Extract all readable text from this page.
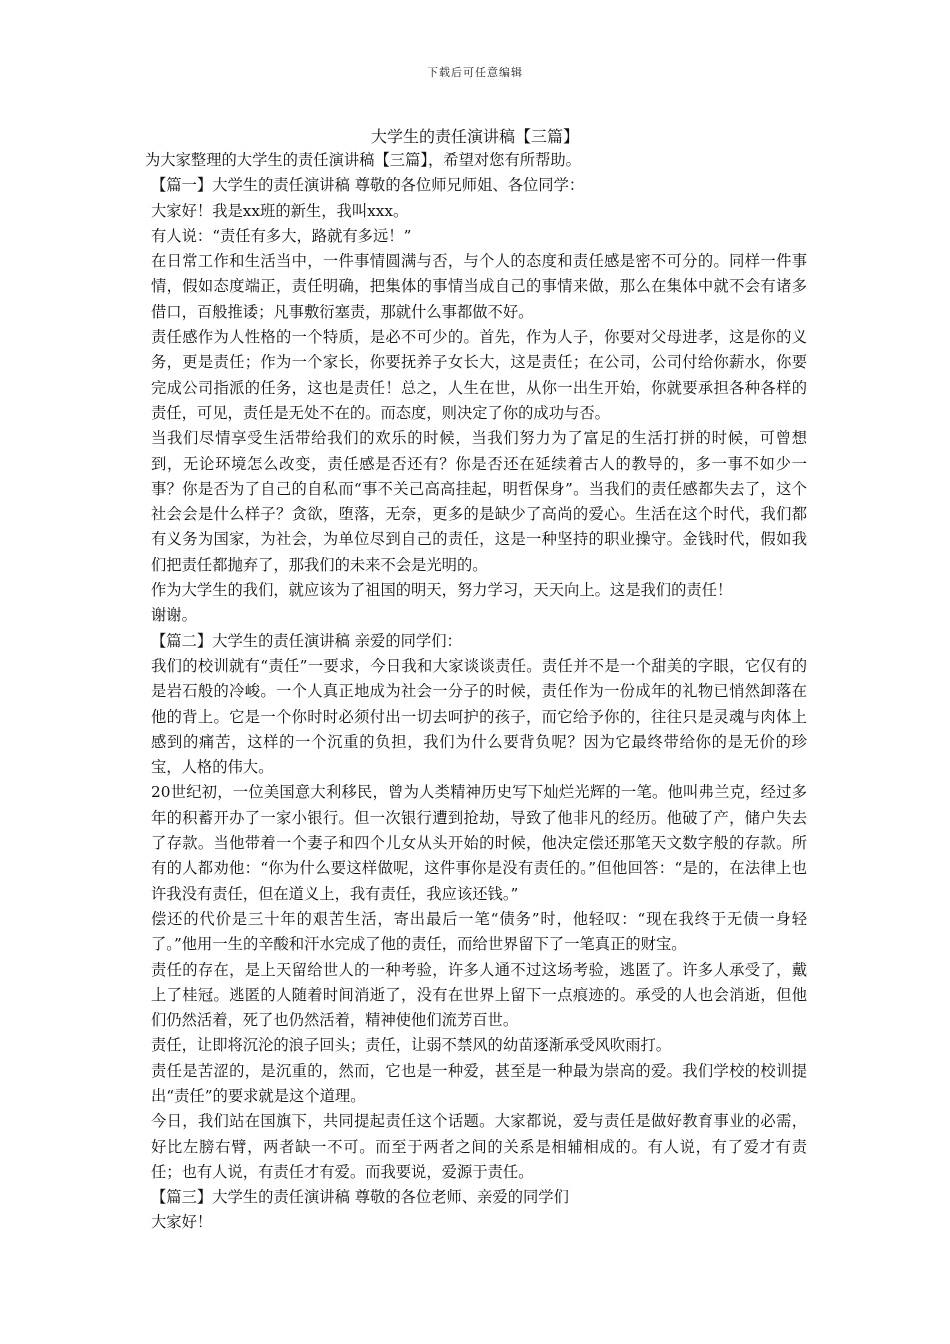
下载后可任意编辑
大学生的责任演讲稿【三篇】

为大家整理的大学生的责任演讲稿【三篇】，希望对您有所帮助。

【篇一】大学生的责任演讲稿 尊敬的各位师兄师姐、各位同学：

大家好！我是xx班的新生，我叫xxx。

有人说：“责任有多大，路就有多远！”

在日常工作和生活当中，一件事情圆满与否，与个人的态度和责任感是密不可分的。同样一件事情，假如态度端正，责任明确，把集体的事情当成自己的事情来做，那么在集体中就不会有诸多借口，百般推诿；凡事敷衍塞责，那就什么事都做不好。

责任感作为人性格的一个特质，是必不可少的。首先，作为人子，你要对父母进孝，这是你的义务，更是责任；作为一个家长，你要抚养子女长大，这是责任；在公司，公司付给你薪水，你要完成公司指派的任务，这也是责任！总之，人生在世，从你一出生开始，你就要承担各种各样的责任，可见，责任是无处不在的。而态度，则决定了你的成功与否。

当我们尽情享受生活带给我们的欢乐的时候，当我们努力为了富足的生活打拼的时候，可曾想到，无论环境怎么改变，责任感是否还有？你是否还在延续着古人的教导的，多一事不如少一事？你是否为了自己的自私而“事不关己高高挂起，明哲保身”。当我们的责任感都失去了，这个社会会是什么样子？贪欲，堕落，无奈，更多的是缺少了高尚的爱心。生活在这个时代，我们都有义务为国家，为社会，为单位尽到自己的责任，这是一种坚持的职业操守。金钱时代，假如我们把责任都抛弃了，那我们的未来不会是光明的。

作为大学生的我们，就应该为了祖国的明天，努力学习，天天向上。这是我们的责任！

谢谢。

【篇二】大学生的责任演讲稿 亲爱的同学们：

我们的校训就有“责任”一要求，今日我和大家谈谈责任。责任并不是一个甜美的字眼，它仅有的是岩石般的冷峻。一个人真正地成为社会一分子的时候，责任作为一份成年的礼物已悄然卸落在他的背上。它是一个你时时必须付出一切去呵护的孩子，而它给予你的，往往只是灵魂与肉体上感到的痛苦，这样的一个沉重的负担，我们为什么要背负呢？因为它最终带给你的是无价的珍宝，人格的伟大。

20世纪初，一位美国意大利移民，曾为人类精神历史写下灿烂光辉的一笔。他叫弗兰克，经过多年的积蓄开办了一家小银行。但一次银行遭到抢劫，导致了他非凡的经历。他破了产，储户失去了存款。当他带着一个妻子和四个儿女从头开始的时候，他决定偿还那笔天文数字般的存款。所有的人都劝他：“你为什么要这样做呢，这件事你是没有责任的。”但他回答：“是的，在法律上也许我没有责任，但在道义上，我有责任，我应该还钱。”

偿还的代价是三十年的艰苦生活，寄出最后一笔“债务”时，他轻叹：“现在我终于无债一身轻了。”他用一生的辛酸和汗水完成了他的责任，而给世界留下了一笔真正的财宝。

责任的存在，是上天留给世人的一种考验，许多人通不过这场考验，逃匿了。许多人承受了，戴上了桂冠。逃匿的人随着时间消逝了，没有在世界上留下一点痕迹的。承受的人也会消逝，但他们仍然活着，死了也仍然活着，精神使他们流芳百世。

责任，让即将沉沦的浪子回头；责任，让弱不禁风的幼苗逐渐承受风吹雨打。

责任是苦涩的，是沉重的，然而，它也是一种爱，甚至是一种最为崇高的爱。我们学校的校训提出“责任”的要求就是这个道理。

今日，我们站在国旗下，共同提起责任这个话题。大家都说，爱与责任是做好教育事业的必需，好比左膀右臂，两者缺一不可。而至于两者之间的关系是相辅相成的。有人说，有了爱才有责任；也有人说，有责任才有爱。而我要说，爱源于责任。

【篇三】大学生的责任演讲稿 尊敬的各位老师、亲爱的同学们

大家好！
